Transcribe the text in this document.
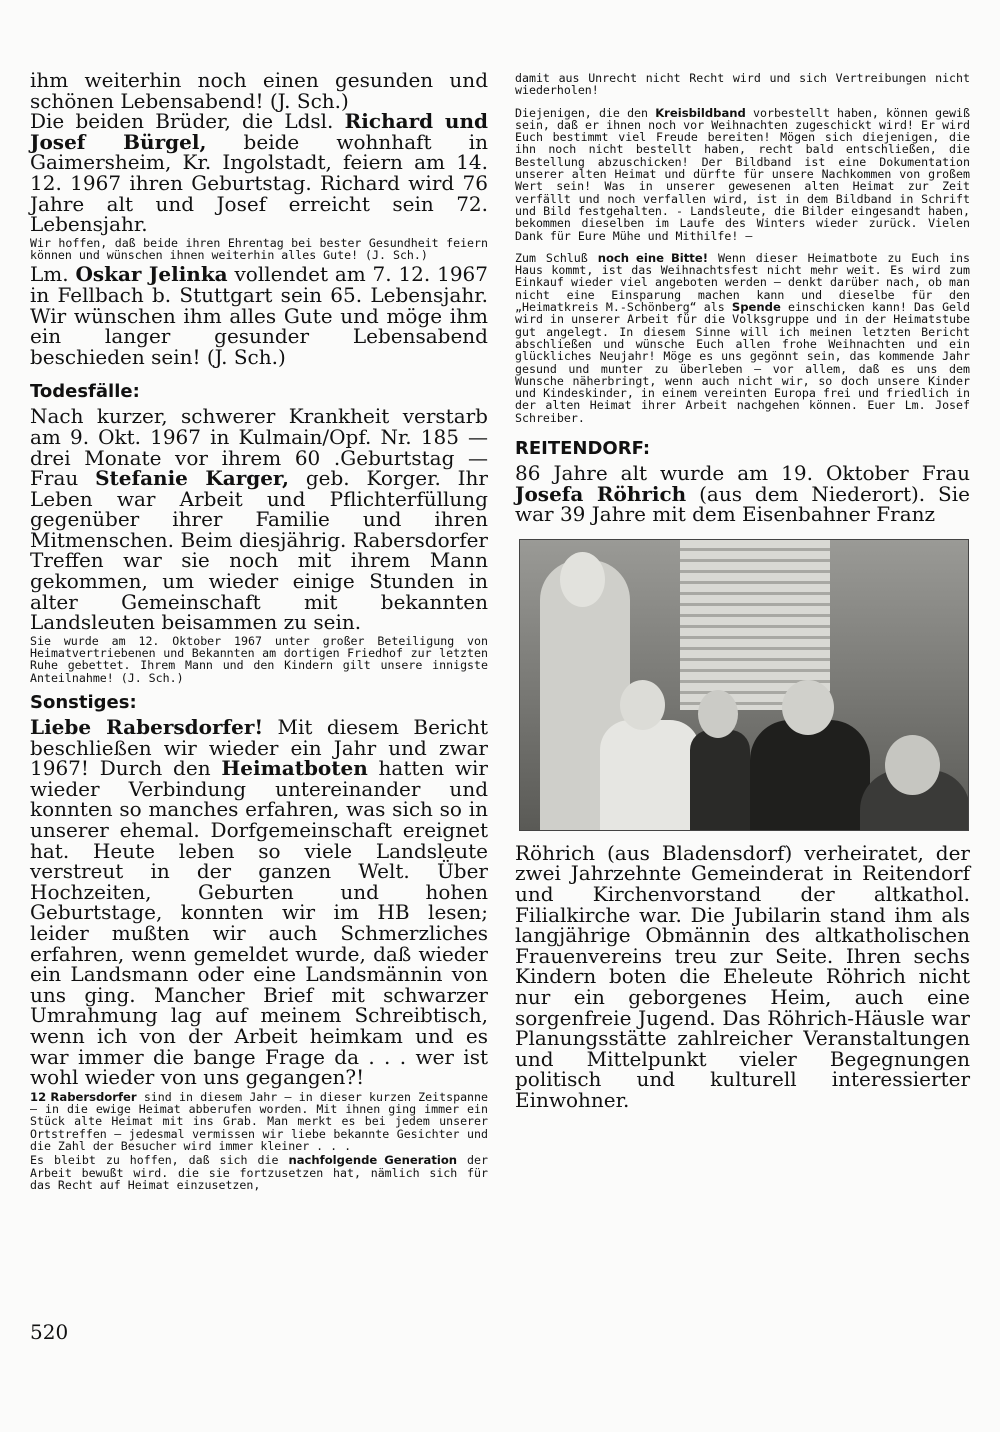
ihm weiterhin noch einen gesunden und schönen Lebensabend! (J. Sch.)

Die beiden Brüder, die Ldsl. Richard und Josef Bürgel, beide wohnhaft in Gaimersheim, Kr. Ingolstadt, feiern am 14. 12. 1967 ihren Geburtstag. Richard wird 76 Jahre alt und Josef erreicht sein 72. Lebensjahr.

Wir hoffen, daß beide ihren Ehrentag bei bester Gesundheit feiern können und wünschen ihnen weiterhin alles Gute! (J. Sch.)

Lm. Oskar Jelinka vollendet am 7. 12. 1967 in Fellbach b. Stuttgart sein 65. Lebensjahr. Wir wünschen ihm alles Gute und möge ihm ein langer gesunder Lebensabend beschieden sein! (J. Sch.)

Todesfälle:

Nach kurzer, schwerer Krankheit verstarb am 9. Okt. 1967 in Kulmain/Opf. Nr. 185 — drei Monate vor ihrem 60 .Geburtstag — Frau Stefanie Karger, geb. Korger. Ihr Leben war Arbeit und Pflichterfüllung gegenüber ihrer Familie und ihren Mitmenschen. Beim diesjährig. Rabersdorfer Treffen war sie noch mit ihrem Mann gekommen, um wieder einige Stunden in alter Gemeinschaft mit bekannten Landsleuten beisammen zu sein.

Sie wurde am 12. Oktober 1967 unter großer Beteiligung von Heimatvertriebenen und Bekannten am dortigen Friedhof zur letzten Ruhe gebettet. Ihrem Mann und den Kindern gilt unsere innigste Anteilnahme! (J. Sch.)

Sonstiges:

Liebe Rabersdorfer! Mit diesem Bericht beschließen wir wieder ein Jahr und zwar 1967! Durch den Heimatboten hatten wir wieder Verbindung untereinander und konnten so manches erfahren, was sich so in unserer ehemal. Dorfgemeinschaft ereignet hat. Heute leben so viele Landsleute verstreut in der ganzen Welt. Über Hochzeiten, Geburten und hohen Geburtstage, konnten wir im HB lesen; leider mußten wir auch Schmerzliches erfahren, wenn gemeldet wurde, daß wieder ein Landsmann oder eine Landsmännin von uns ging. Mancher Brief mit schwarzer Umrahmung lag auf meinem Schreibtisch, wenn ich von der Arbeit heimkam und es war immer die bange Frage da . . . wer ist wohl wieder von uns gegangen?!

12 Rabersdorfer sind in diesem Jahr — in dieser kurzen Zeitspanne — in die ewige Heimat abberufen worden. Mit ihnen ging immer ein Stück alte Heimat mit ins Grab. Man merkt es bei jedem unserer Ortstreffen — jedesmal vermissen wir liebe bekannte Gesichter und die Zahl der Besucher wird immer kleiner . . .

Es bleibt zu hoffen, daß sich die nachfolgende Generation der Arbeit bewußt wird. die sie fortzusetzen hat, nämlich sich für das Recht auf Heimat einzusetzen,

damit aus Unrecht nicht Recht wird und sich Vertreibungen nicht wiederholen!

Diejenigen, die den Kreisbildband vorbestellt haben, können gewiß sein, daß er ihnen noch vor Weihnachten zugeschickt wird! Er wird Euch bestimmt viel Freude bereiten! Mögen sich diejenigen, die ihn noch nicht bestellt haben, recht bald entschließen, die Bestellung abzuschicken! Der Bildband ist eine Dokumentation unserer alten Heimat und dürfte für unsere Nachkommen von großem Wert sein! Was in unserer gewesenen alten Heimat zur Zeit verfällt und noch verfallen wird, ist in dem Bildband in Schrift und Bild festgehalten. - Landsleute, die Bilder eingesandt haben, bekommen dieselben im Laufe des Winters wieder zurück. Vielen Dank für Eure Mühe und Mithilfe! —

Zum Schluß noch eine Bitte! Wenn dieser Heimatbote zu Euch ins Haus kommt, ist das Weihnachtsfest nicht mehr weit. Es wird zum Einkauf wieder viel angeboten werden — denkt darüber nach, ob man nicht eine Einsparung machen kann und dieselbe für den „Heimatkreis M.-Schönberg“ als Spende einschicken kann! Das Geld wird in unserer Arbeit für die Volksgruppe und in der Heimatstube gut angelegt. In diesem Sinne will ich meinen letzten Bericht abschließen und wünsche Euch allen frohe Weihnachten und ein glückliches Neujahr! Möge es uns gegönnt sein, das kommende Jahr gesund und munter zu überleben — vor allem, daß es uns dem Wunsche näherbringt, wenn auch nicht wir, so doch unsere Kinder und Kindeskinder, in einem vereinten Europa frei und friedlich in der alten Heimat ihrer Arbeit nachgehen können. Euer Lm. Josef Schreiber.

REITENDORF:

86 Jahre alt wurde am 19. Oktober Frau Josefa Röhrich (aus dem Niederort). Sie war 39 Jahre mit dem Eisenbahner Franz

Röhrich (aus Bladensdorf) verheiratet, der zwei Jahrzehnte Gemeinderat in Reitendorf und Kirchenvorstand der altkathol. Filialkirche war. Die Jubilarin stand ihm als langjährige Obmännin des altkatholischen Frauenvereins treu zur Seite. Ihren sechs Kindern boten die Eheleute Röhrich nicht nur ein geborgenes Heim, auch eine sorgenfreie Jugend. Das Röhrich-Häusle war Planungsstätte zahlreicher Veranstaltungen und Mittelpunkt vieler Begegnungen politisch und kulturell interessierter Einwohner.

520
